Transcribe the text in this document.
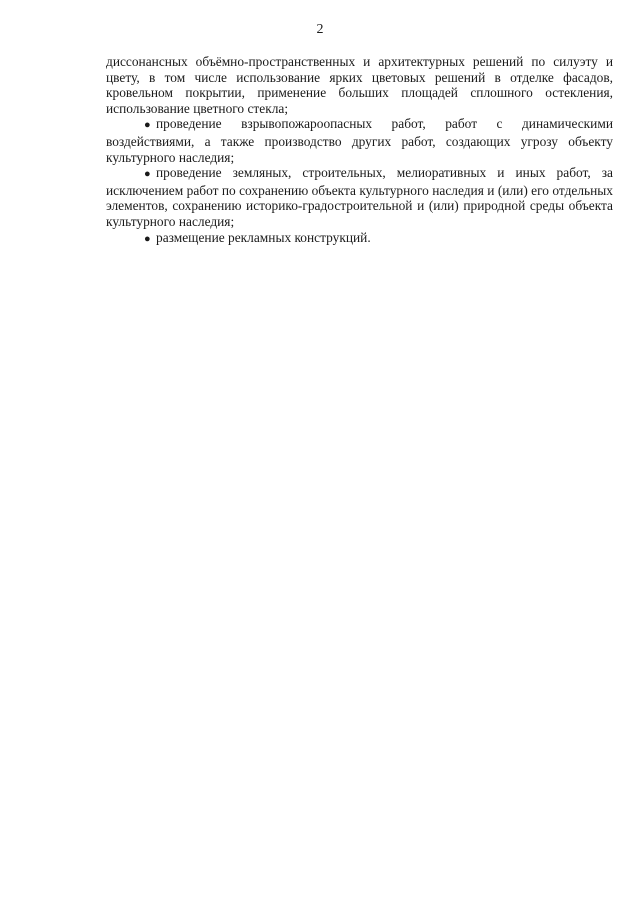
2

диссонансных объёмно-пространственных и архитектурных решений по силуэту и цвету, в том числе использование ярких цветовых решений в отделке фасадов, кровельном покрытии, применение больших площадей сплошного остекления, использование цветного стекла;

● проведение взрывопожароопасных работ, работ с динамическими воздействиями, а также производство других работ, создающих угрозу объекту культурного наследия;

● проведение земляных, строительных, мелиоративных и иных работ, за исключением работ по сохранению объекта культурного наследия и (или) его отдельных элементов, сохранению историко-градостроительной и (или) природной среды объекта культурного наследия;

● размещение рекламных конструкций.
